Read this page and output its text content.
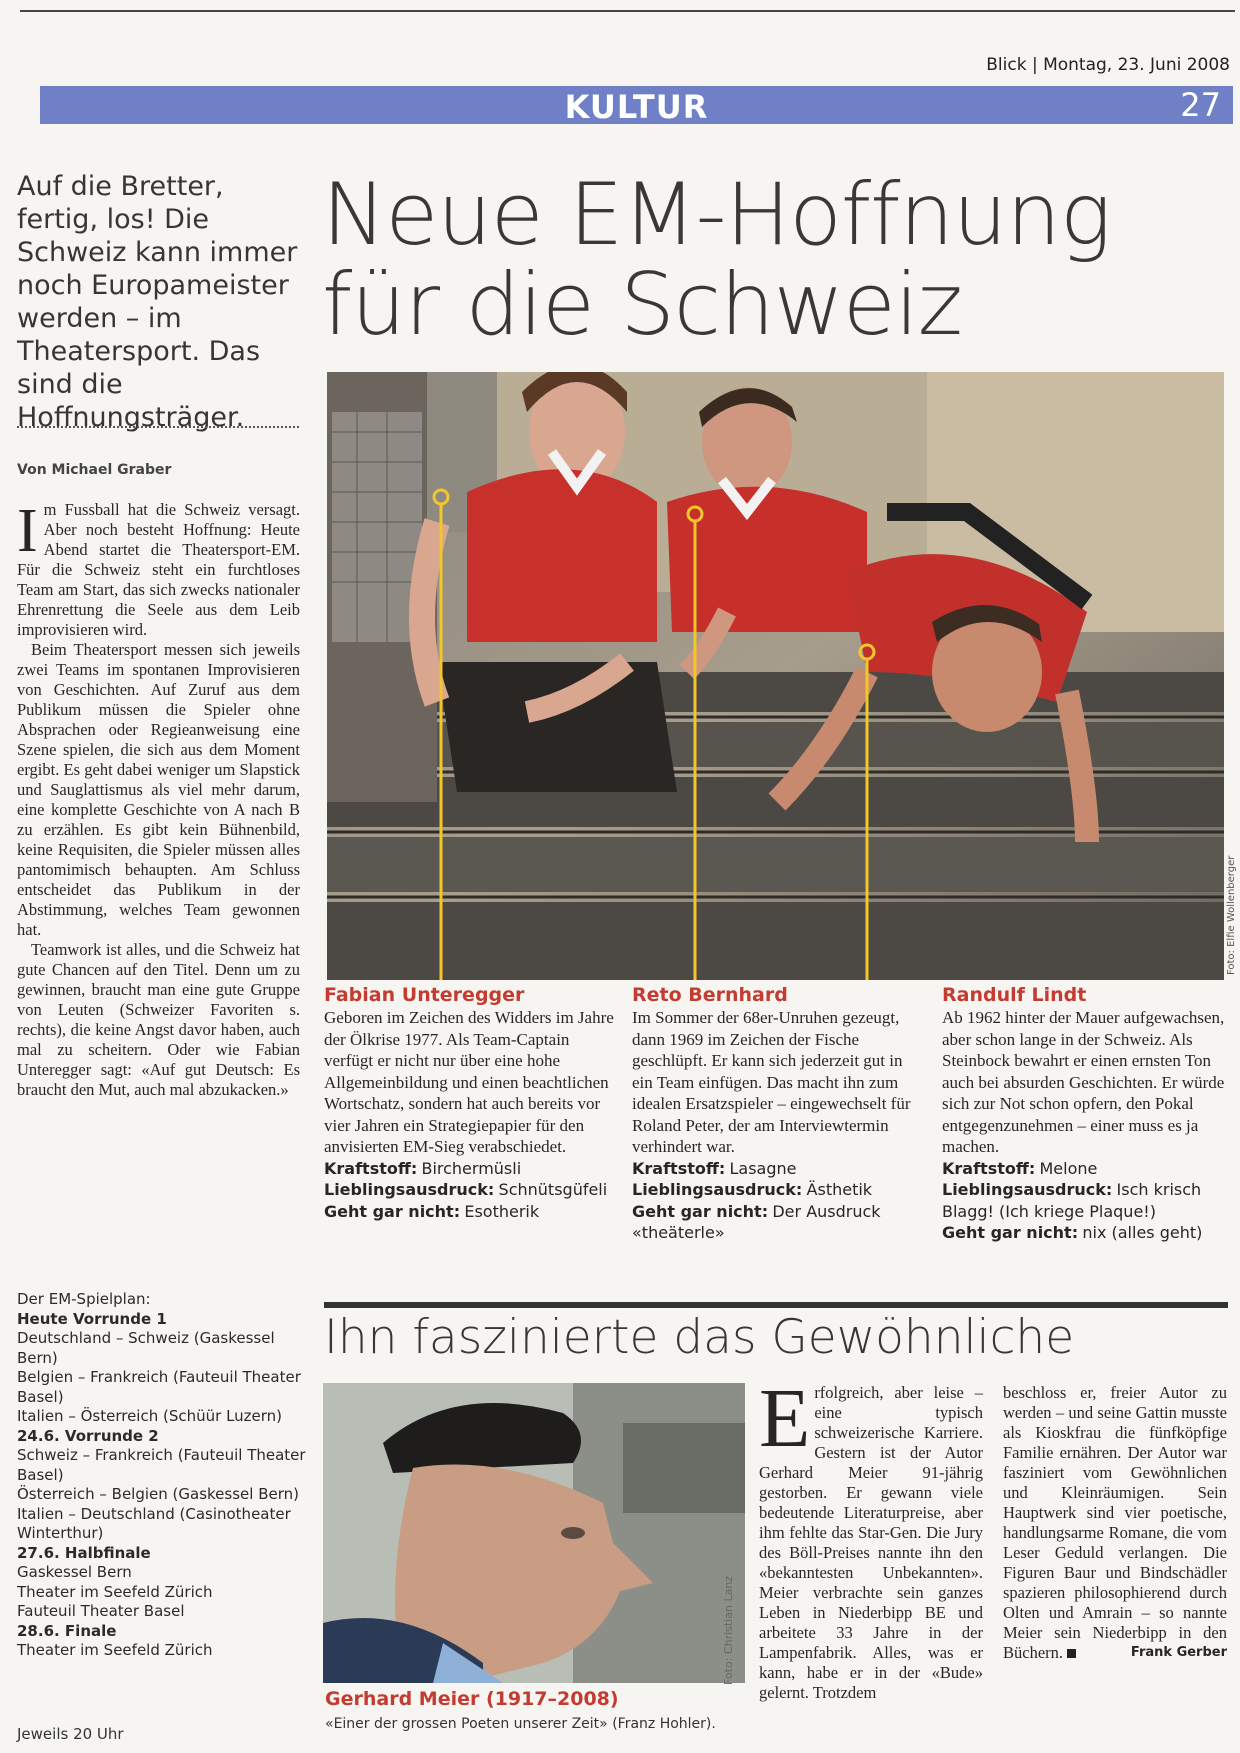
Blick | Montag, 23. Juni 2008
KULTUR	27
Auf die Bretter, fertig, los! Die Schweiz kann immer noch Europameister werden – im Theatersport. Das sind die Hoffnungsträger.
Von Michael Graber

Im Fussball hat die Schweiz versagt. Aber noch besteht Hoffnung: Heute Abend startet die Theatersport-EM. Für die Schweiz steht ein furchtloses Team am Start, das sich zwecks nationaler Ehrenrettung die Seele aus dem Leib improvisieren wird.

Beim Theatersport messen sich jeweils zwei Teams im spontanen Improvisieren von Geschichten. Auf Zuruf aus dem Publikum müssen die Spieler ohne Absprachen oder Regieanweisung eine Szene spielen, die sich aus dem Moment ergibt. Es geht dabei weniger um Slapstick und Sauglattismus als viel mehr darum, eine komplette Geschichte von A nach B zu erzählen. Es gibt kein Bühnenbild, keine Requisiten, die Spieler müssen alles pantomimisch behaupten. Am Schluss entscheidet das Publikum in der Abstimmung, welches Team gewonnen hat.

Teamwork ist alles, und die Schweiz hat gute Chancen auf den Titel. Denn um zu gewinnen, braucht man eine gute Gruppe von Leuten (Schweizer Favoriten s. rechts), die keine Angst davor haben, auch mal zu scheitern. Oder wie Fabian Unteregger sagt: «Auf gut Deutsch: Es braucht den Mut, auch mal abzukacken.»

Der EM-Spielplan:
Heute Vorrunde 1
Deutschland – Schweiz (Gaskessel Bern)
Belgien – Frankreich (Fauteuil Theater Basel)
Italien – Österreich (Schüür Luzern)
24.6. Vorrunde 2
Schweiz – Frankreich (Fauteuil Theater Basel)
Österreich – Belgien (Gaskessel Bern)
Italien – Deutschland (Casinotheater Winterthur)
27.6. Halbfinale
Gaskessel Bern
Theater im Seefeld Zürich
Fauteuil Theater Basel
28.6. Finale
Theater im Seefeld Zürich
Jeweils 20 Uhr
Neue EM-Hoffnung
für die Schweiz
Foto: Elfie Wollenberger
Fabian Unteregger
Geboren im Zeichen des Widders im Jahre der Ölkrise 1977. Als Team-Captain verfügt er nicht nur über eine hohe Allgemeinbildung und einen beachtlichen Wortschatz, sondern hat auch bereits vor vier Jahren ein Strategiepapier für den anvisierten EM-Sieg verabschiedet.
Kraftstoff: Birchermüsli
Lieblingsausdruck: Schnütsgüfeli
Geht gar nicht: Esotherik
Reto Bernhard
Im Sommer der 68er-Unruhen gezeugt, dann 1969 im Zeichen der Fische geschlüpft. Er kann sich jederzeit gut in ein Team einfügen. Das macht ihn zum idealen Ersatzspieler – eingewechselt für Roland Peter, der am Interviewtermin verhindert war.
Kraftstoff: Lasagne
Lieblingsausdruck: Ästhetik
Geht gar nicht: Der Ausdruck «theäterle»
Randulf Lindt
Ab 1962 hinter der Mauer aufgewachsen, aber schon lange in der Schweiz. Als Steinbock bewahrt er einen ernsten Ton auch bei absurden Geschichten. Er würde sich zur Not schon opfern, den Pokal entgegenzunehmen – einer muss es ja machen.
Kraftstoff: Melone
Lieblingsausdruck: Isch krisch Blagg! (Ich kriege Plaque!)
Geht gar nicht: nix (alles geht)
Ihn faszinierte das Gewöhnliche
Foto: Christian Lanz
Gerhard Meier (1917–2008)
«Einer der grossen Poeten unserer Zeit» (Franz Hohler).
Erfolgreich, aber leise – eine typisch schweizerische Karriere. Gestern ist der Autor Gerhard Meier 91-jährig gestorben. Er gewann viele bedeutende Literaturpreise, aber ihm fehlte das Star-Gen. Die Jury des Böll-Preises nannte ihn den «bekanntesten Unbekannten». Meier verbrachte sein ganzes Leben in Niederbipp BE und arbeitete 33 Jahre in der Lampenfabrik. Alles, was er kann, habe er in der «Bude» gelernt. Trotzdem
beschloss er, freier Autor zu werden – und seine Gattin musste als Kioskfrau die fünfköpfige Familie ernähren. Der Autor war fasziniert vom Gewöhnlichen und Kleinräumigen. Sein Hauptwerk sind vier poetische, handlungsarme Romane, die vom Leser Geduld verlangen. Die Figuren Baur und Bindschädler spazieren philosophierend durch Olten und Amrain – so nannte Meier sein Niederbipp in den Büchern.	Frank Gerber
